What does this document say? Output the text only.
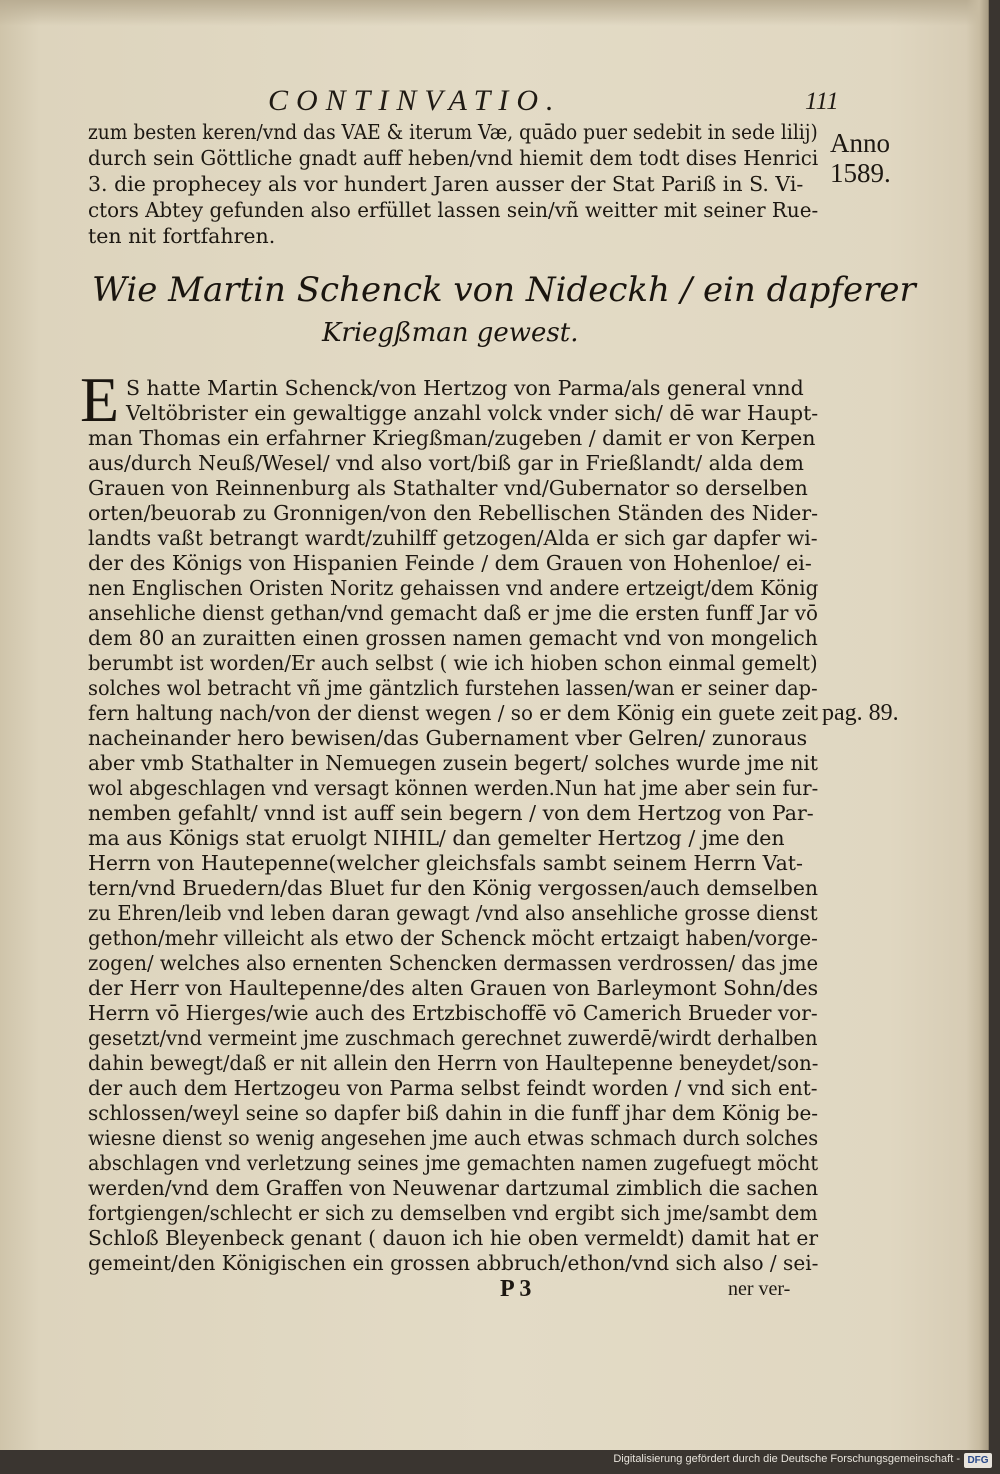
CONTINVATIO.	111
Anno
1589.
pag. 89.
zum besten keren/vnd das VAE & iterum Væ, quādo puer sedebit in sede lilij)
durch sein Göttliche gnadt auff heben/vnd hiemit dem todt dises Henrici
3. die prophecey als vor hundert Jaren ausser der Stat Pariß in S. Vi-
ctors Abtey gefunden also erfüllet lassen sein/vñ weitter mit seiner Rue-
ten nit fortfahren.
Wie Martin Schenck von Nideckh / ein dapferer
Kriegßman gewest.
E S hatte Martin Schenck/von Hertzog von Parma/als general vnnd
Veltöbrister ein gewaltigge anzahl volck vnder sich/ dē war Haupt-
man Thomas ein erfahrner Kriegßman/zugeben / damit er von Kerpen
aus/durch Neuß/Wesel/ vnd also vort/biß gar in Frießlandt/ alda dem
Grauen von Reinnenburg als Stathalter vnd/Gubernator so derselben
orten/beuorab zu Gronnigen/von den Rebellischen Ständen des Nider-
landts vaßt betrangt wardt/zuhilff getzogen/Alda er sich gar dapfer wi-
der des Königs von Hispanien Feinde / dem Grauen von Hohenloe/ ei-
nen Englischen Oristen Noritz gehaissen vnd andere ertzeigt/dem König
ansehliche dienst gethan/vnd gemacht daß er jme die ersten funff Jar vō
dem 80 an zuraitten einen grossen namen gemacht vnd von mongelich
berumbt ist worden/Er auch selbst ( wie ich hioben schon einmal gemelt)
solches wol betracht vñ jme gäntzlich furstehen lassen/wan er seiner dap-
fern haltung nach/von der dienst wegen / so er dem König ein guete zeit
nacheinander hero bewisen/das Gubernament vber Gelren/ zunoraus
aber vmb Stathalter in Nemuegen zusein begert/ solches wurde jme nit
wol abgeschlagen vnd versagt können werden.Nun hat jme aber sein fur-
nemben gefahlt/ vnnd ist auff sein begern / von dem Hertzog von Par-
ma aus Königs stat eruolgt NIHIL/ dan gemelter Hertzog / jme den
Herrn von Hautepenne(welcher gleichsfals sambt seinem Herrn Vat-
tern/vnd Bruedern/das Bluet fur den König vergossen/auch demselben
zu Ehren/leib vnd leben daran gewagt /vnd also ansehliche grosse dienst
gethon/mehr villeicht als etwo der Schenck möcht ertzaigt haben/vorge-
zogen/ welches also ernenten Schencken dermassen verdrossen/ das jme
der Herr von Haultepenne/des alten Grauen von Barleymont Sohn/des
Herrn vō Hierges/wie auch des Ertzbischoffē vō Camerich Brueder vor-
gesetzt/vnd vermeint jme zuschmach gerechnet zuwerdē/wirdt derhalben
dahin bewegt/daß er nit allein den Herrn von Haultepenne beneydet/son-
der auch dem Hertzogeu von Parma selbst feindt worden / vnd sich ent-
schlossen/weyl seine so dapfer biß dahin in die funff jhar dem König be-
wiesne dienst so wenig angesehen jme auch etwas schmach durch solches
abschlagen vnd verletzung seines jme gemachten namen zugefuegt möcht
werden/vnd dem Graffen von Neuwenar dartzumal zimblich die sachen
fortgiengen/schlecht er sich zu demselben vnd ergibt sich jme/sambt dem
Schloß Bleyenbeck genant ( dauon ich hie oben vermeldt) damit hat er
gemeint/den Königischen ein grossen abbruch/ethon/vnd sich also / sei-
P 3	ner ver-
Digitalisierung gefördert durch die Deutsche Forschungsgemeinschaft - DFG
